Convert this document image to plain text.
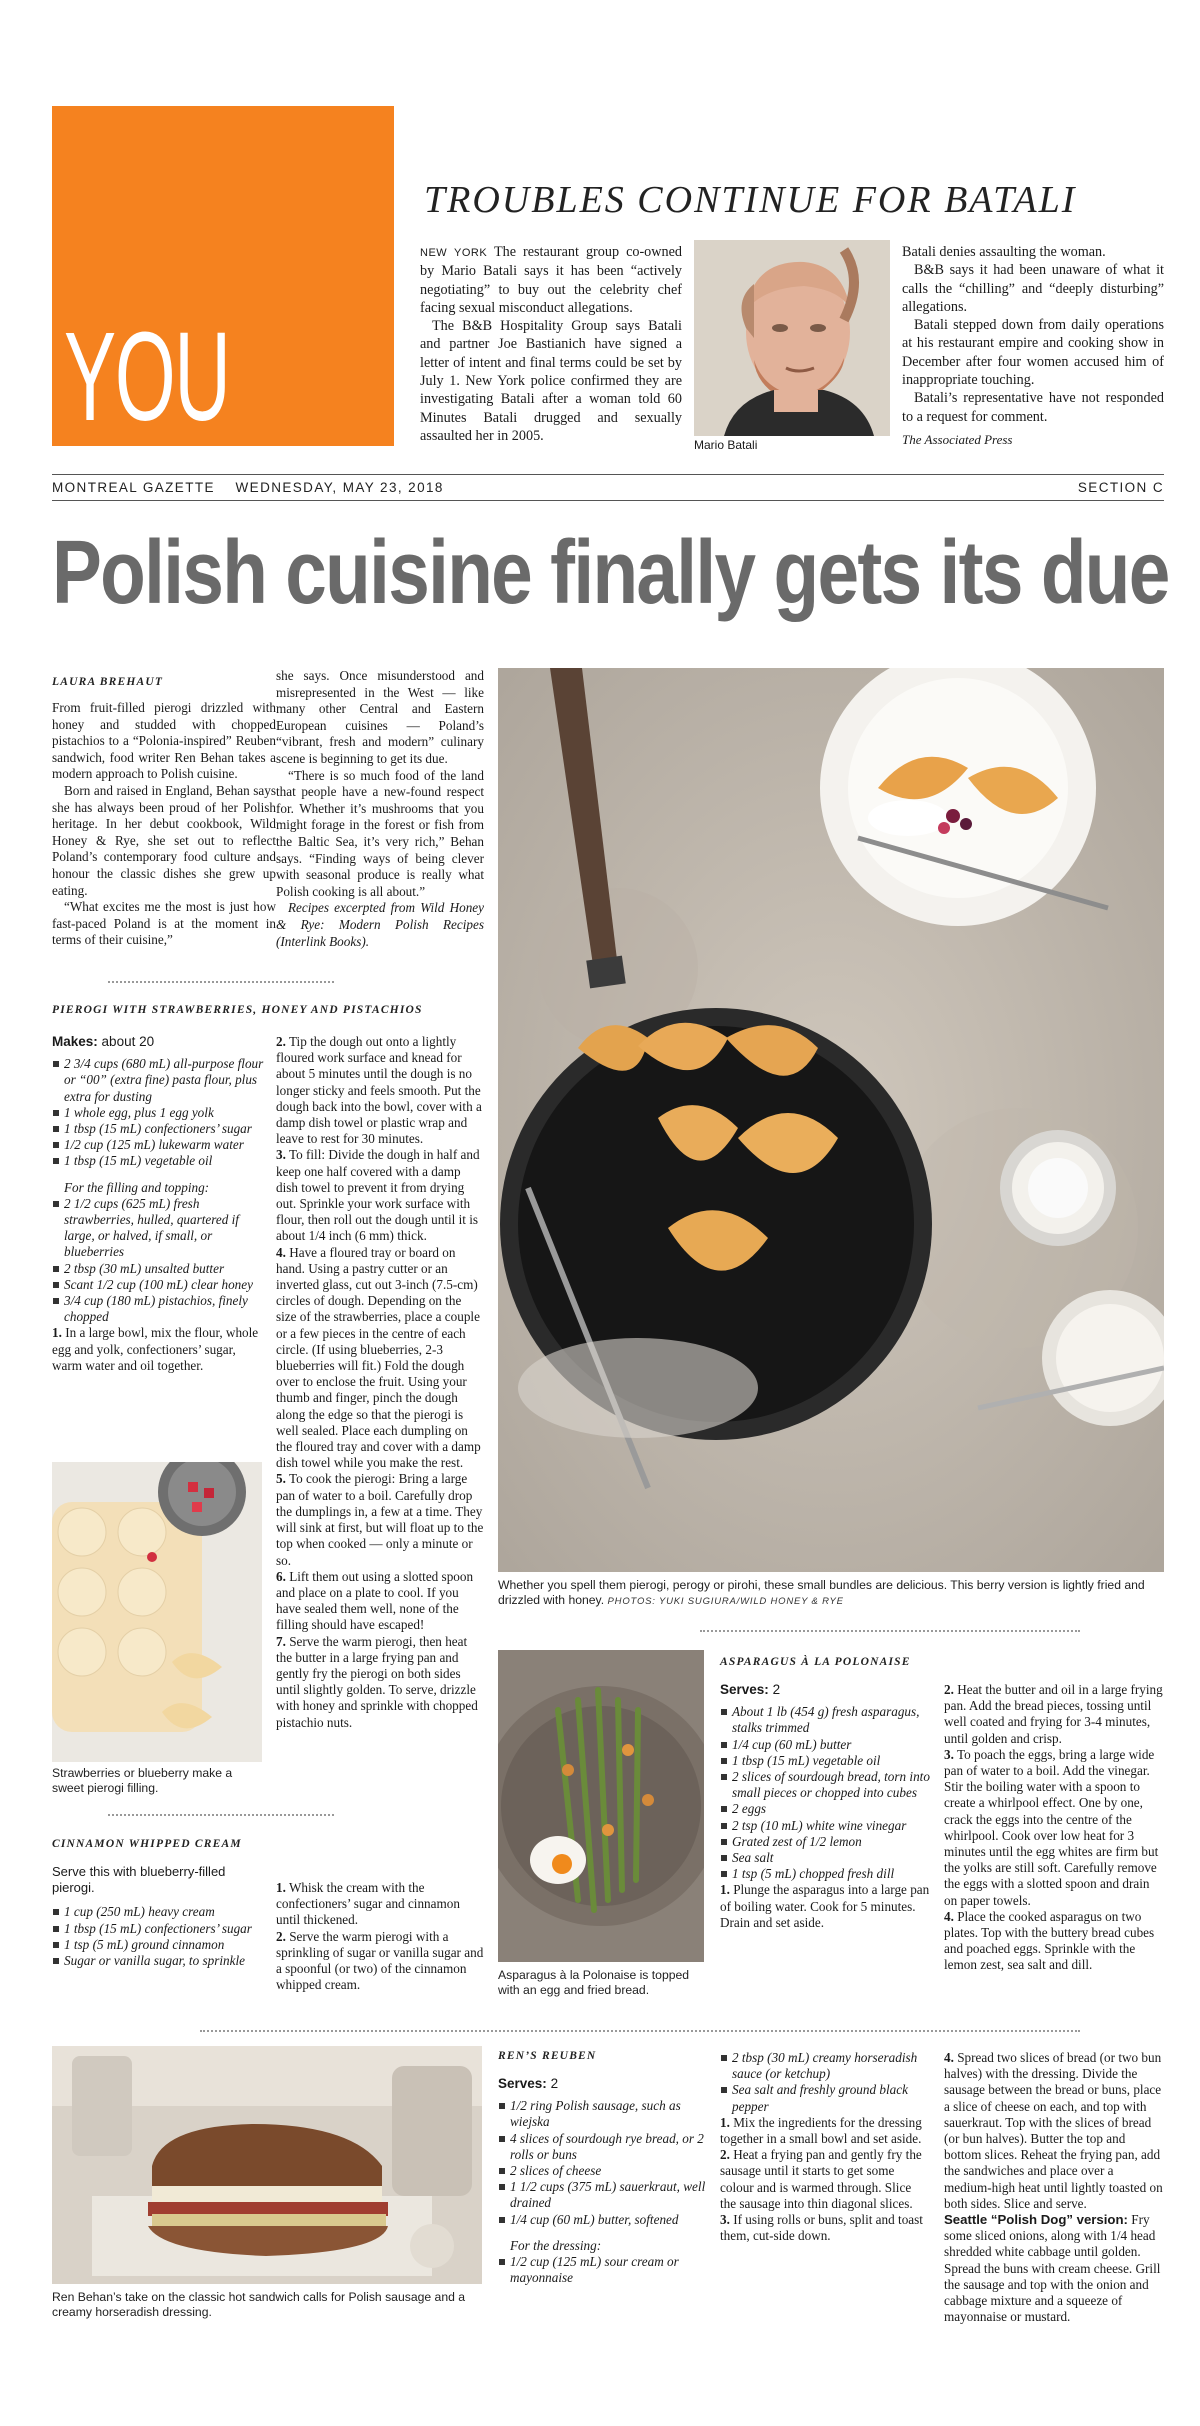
YOU
TROUBLES CONTINUE FOR BATALI

NEW YORK The restaurant group co-owned by Mario Batali says it has been “actively negotiating” to buy out the celebrity chef facing sexual misconduct allegations.

The B&B Hospitality Group says Batali and partner Joe Bastianich have signed a letter of intent and final terms could be set by July 1. New York police confirmed they are investigating Batali after a woman told 60 Minutes Batali drugged and sexually assaulted her in 2005.

Mario Batali

Batali denies assaulting the woman.

B&B says it had been unaware of what it calls the “chilling” and “deeply disturbing” allegations.

Batali stepped down from daily operations at his restaurant empire and cooking show in December after four women accused him of inappropriate touching.

Batali’s representative have not responded to a request for comment.

The Associated Press
MONTREAL GAZETTE WEDNESDAY, MAY 23, 2018	SECTION C
Polish cuisine finally gets its due
LAURA BREHAUT

From fruit-filled pierogi drizzled with honey and studded with chopped pistachios to a “Polonia-inspired” Reuben sandwich, food writer Ren Behan takes a modern approach to Polish cuisine.

Born and raised in England, Behan says she has always been proud of her Polish heritage. In her debut cookbook, Wild Honey & Rye, she set out to reflect Poland’s contemporary food culture and honour the classic dishes she grew up eating.

“What excites me the most is just how fast-paced Poland is at the moment in terms of their cuisine,”

she says. Once misunderstood and misrepresented in the West — like many other Central and Eastern European cuisines — Poland’s “vibrant, fresh and modern” culinary scene is beginning to get its due.

“There is so much food of the land that people have a new-found respect for. Whether it’s mushrooms that you might forage in the forest or fish from the Baltic Sea, it’s very rich,” Behan says. “Finding ways of being clever with seasonal produce is really what Polish cooking is all about.”

Recipes excerpted from Wild Honey & Rye: Modern Polish Recipes (Interlink Books).

Whether you spell them pierogi, perogy or pirohi, these small bundles are delicious. This berry version is lightly fried and drizzled with honey. PHOTOS: YUKI SUGIURA/WILD HONEY & RYE
PIEROGI WITH STRAWBERRIES, HONEY AND PISTACHIOS
Makes: about 20
2 3/4 cups (680 mL) all-purpose flour or “00” (extra fine) pasta flour, plus extra for dusting
1 whole egg, plus 1 egg yolk
1 tbsp (15 mL) confectioners’ sugar
1/2 cup (125 mL) lukewarm water
1 tbsp (15 mL) vegetable oil
For the filling and topping:
2 1/2 cups (625 mL) fresh strawberries, hulled, quartered if large, or halved, if small, or blueberries
2 tbsp (30 mL) unsalted butter
Scant 1/2 cup (100 mL) clear honey
3/4 cup (180 mL) pistachios, finely chopped

1. In a large bowl, mix the flour, whole egg and yolk, confectioners’ sugar, warm water and oil together.

Strawberries or blueberry make a sweet pierogi filling.

2. Tip the dough out onto a lightly floured work surface and knead for about 5 minutes until the dough is no longer sticky and feels smooth. Put the dough back into the bowl, cover with a damp dish towel or plastic wrap and leave to rest for 30 minutes.

3. To fill: Divide the dough in half and keep one half covered with a damp dish towel to prevent it from drying out. Sprinkle your work surface with flour, then roll out the dough until it is about 1/4 inch (6 mm) thick.

4. Have a floured tray or board on hand. Using a pastry cutter or an inverted glass, cut out 3-inch (7.5-cm) circles of dough. Depending on the size of the strawberries, place a couple or a few pieces in the centre of each circle. (If using blueberries, 2-3 blueberries will fit.) Fold the dough over to enclose the fruit. Using your thumb and finger, pinch the dough along the edge so that the pierogi is well sealed. Place each dumpling on the floured tray and cover with a damp dish towel while you make the rest.

5. To cook the pierogi: Bring a large pan of water to a boil. Carefully drop the dumplings in, a few at a time. They will sink at first, but will float up to the top when cooked — only a minute or so.

6. Lift them out using a slotted spoon and place on a plate to cool. If you have sealed them well, none of the filling should have escaped!

7. Serve the warm pierogi, then heat the butter in a large frying pan and gently fry the pierogi on both sides until slightly golden. To serve, drizzle with honey and sprinkle with chopped pistachio nuts.

CINNAMON WHIPPED CREAM

Serve this with blueberry-filled pierogi.

1 cup (250 mL) heavy cream
1 tbsp (15 mL) confectioners’ sugar
1 tsp (5 mL) ground cinnamon
Sugar or vanilla sugar, to sprinkle

1. Whisk the cream with the confectioners’ sugar and cinnamon until thickened.

2. Serve the warm pierogi with a sprinkling of sugar or vanilla sugar and a spoonful (or two) of the cinnamon whipped cream.

Asparagus à la Polonaise is topped with an egg and fried bread.
ASPARAGUS À LA POLONAISE
Serves: 2
About 1 lb (454 g) fresh asparagus, stalks trimmed
1/4 cup (60 mL) butter
1 tbsp (15 mL) vegetable oil
2 slices of sourdough bread, torn into small pieces or chopped into cubes
2 eggs
2 tsp (10 mL) white wine vinegar
Grated zest of 1/2 lemon
Sea salt
1 tsp (5 mL) chopped fresh dill

1. Plunge the asparagus into a large pan of boiling water. Cook for 5 minutes. Drain and set aside.

2. Heat the butter and oil in a large frying pan. Add the bread pieces, tossing until well coated and frying for 3-4 minutes, until golden and crisp.

3. To poach the eggs, bring a large wide pan of water to a boil. Add the vinegar. Stir the boiling water with a spoon to create a whirlpool effect. One by one, crack the eggs into the centre of the whirlpool. Cook over low heat for 3 minutes until the egg whites are firm but the yolks are still soft. Carefully remove the eggs with a slotted spoon and drain on paper towels.

4. Place the cooked asparagus on two plates. Top with the buttery bread cubes and poached eggs. Sprinkle with the lemon zest, sea salt and dill.

Ren Behan’s take on the classic hot sandwich calls for Polish sausage and a creamy horseradish dressing.
REN’S REUBEN
Serves: 2
1/2 ring Polish sausage, such as wiejska
4 slices of sourdough rye bread, or 2 rolls or buns
2 slices of cheese
1 1/2 cups (375 mL) sauerkraut, well drained
1/4 cup (60 mL) butter, softened
For the dressing:
1/2 cup (125 mL) sour cream or mayonnaise
2 tbsp (30 mL) creamy horseradish sauce (or ketchup)
Sea salt and freshly ground black pepper

1. Mix the ingredients for the dressing together in a small bowl and set aside.

2. Heat a frying pan and gently fry the sausage until it starts to get some colour and is warmed through. Slice the sausage into thin diagonal slices.

3. If using rolls or buns, split and toast them, cut-side down.

4. Spread two slices of bread (or two bun halves) with the dressing. Divide the sausage between the bread or buns, place a slice of cheese on each, and top with sauerkraut. Top with the slices of bread (or bun halves). Butter the top and bottom slices. Reheat the frying pan, add the sandwiches and place over a medium-high heat until lightly toasted on both sides. Slice and serve.

Seattle “Polish Dog” version: Fry some sliced onions, along with 1/4 head shredded white cabbage until golden. Spread the buns with cream cheese. Grill the sausage and top with the onion and cabbage mixture and a squeeze of mayonnaise or mustard.
